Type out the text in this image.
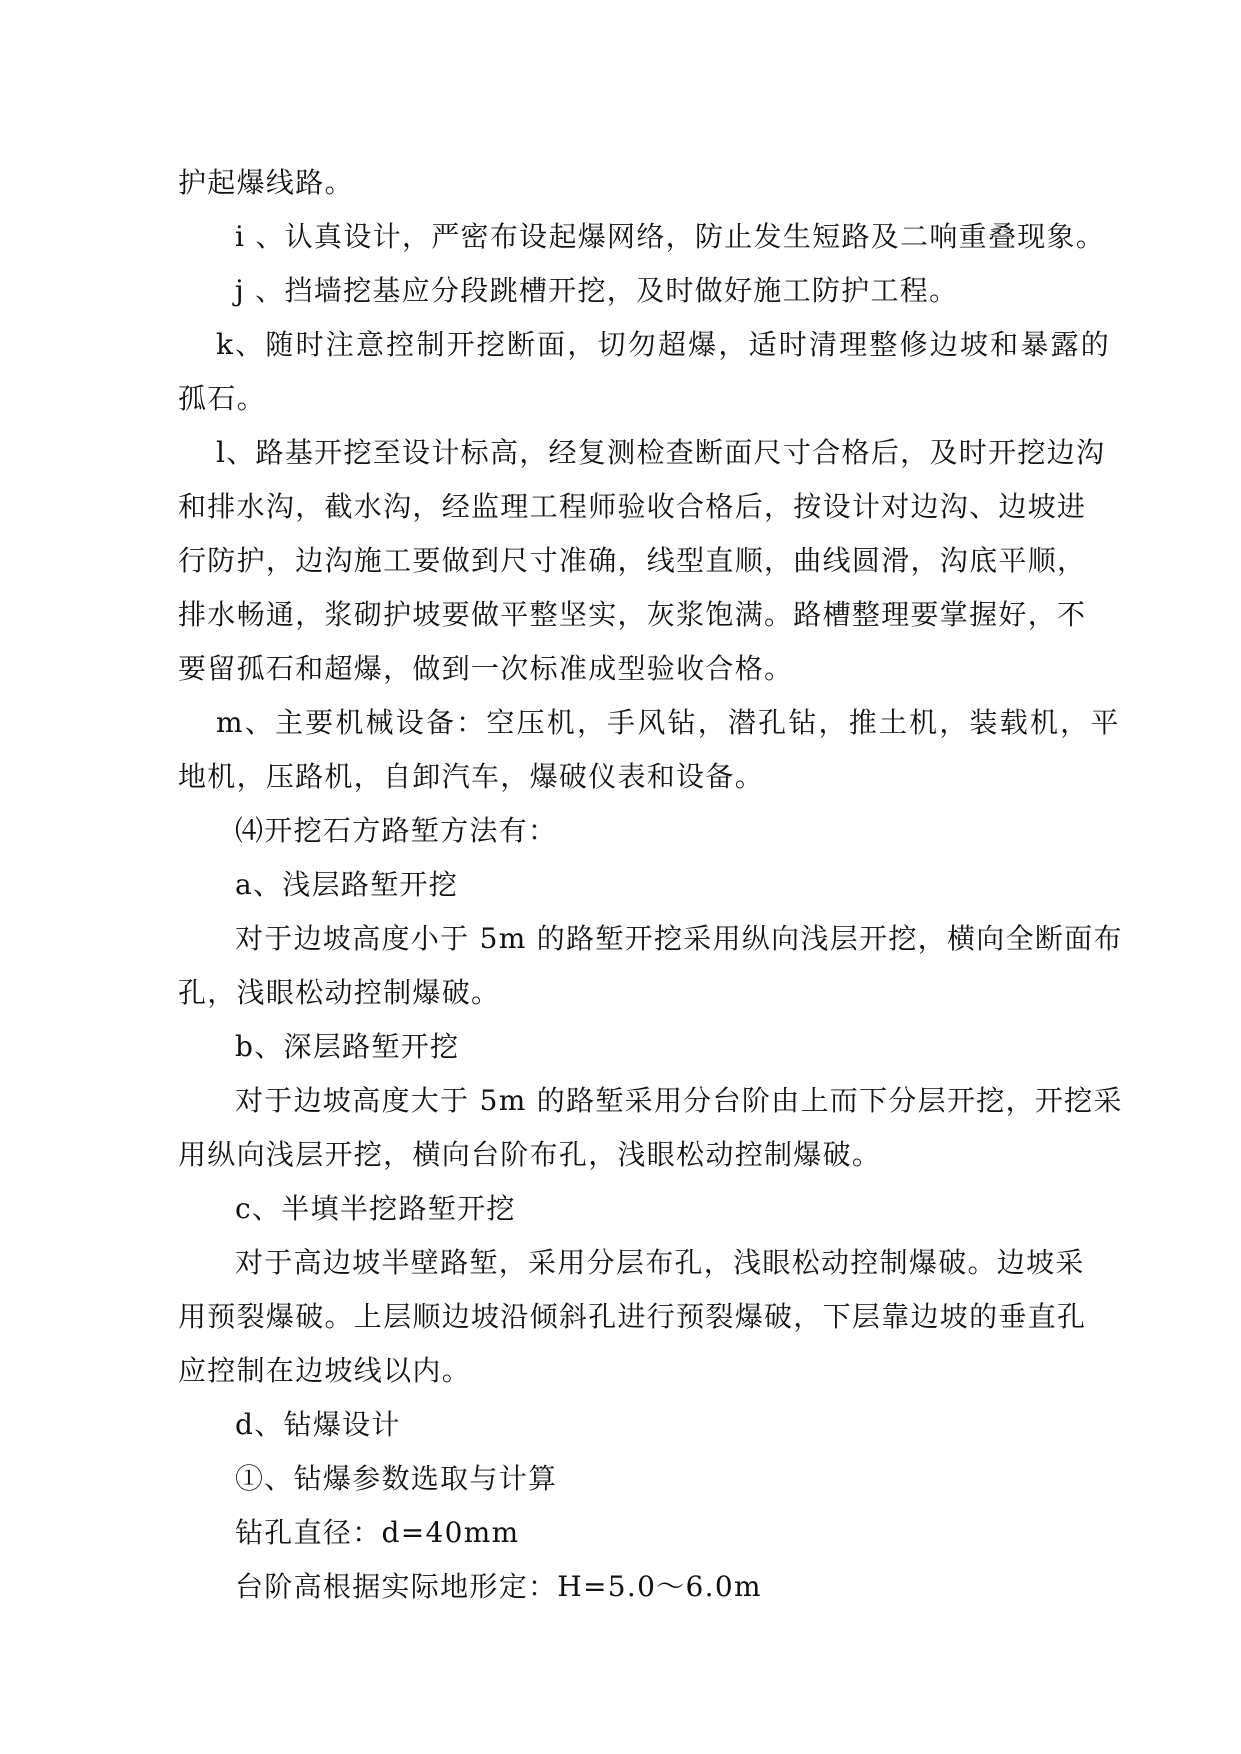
护起爆线路。
i 、认真设计，严密布设起爆网络，防止发生短路及二响重叠现象。
j 、挡墙挖基应分段跳槽开挖，及时做好施工防护工程。
k、随时注意控制开挖断面，切勿超爆，适时清理整修边坡和暴露的
孤石。
l、路基开挖至设计标高，经复测检查断面尺寸合格后，及时开挖边沟
和排水沟，截水沟，经监理工程师验收合格后，按设计对边沟、边坡进
行防护，边沟施工要做到尺寸准确，线型直顺，曲线圆滑，沟底平顺，
排水畅通，浆砌护坡要做平整坚实，灰浆饱满。路槽整理要掌握好，不
要留孤石和超爆，做到一次标准成型验收合格。
m、主要机械设备：空压机，手风钻，潜孔钻，推土机，装载机，平
地机，压路机，自卸汽车，爆破仪表和设备。
⑷开挖石方路堑方法有：
a、浅层路堑开挖
对于边坡高度小于 5m 的路堑开挖采用纵向浅层开挖，横向全断面布
孔，浅眼松动控制爆破。
b、深层路堑开挖
对于边坡高度大于 5m 的路堑采用分台阶由上而下分层开挖，开挖采
用纵向浅层开挖，横向台阶布孔，浅眼松动控制爆破。
c、半填半挖路堑开挖
对于高边坡半壁路堑，采用分层布孔，浅眼松动控制爆破。边坡采
用预裂爆破。上层顺边坡沿倾斜孔进行预裂爆破，下层靠边坡的垂直孔
应控制在边坡线以内。
d、钻爆设计
①、钻爆参数选取与计算
钻孔直径：d=40mm
台阶高根据实际地形定：H=5.0～6.0m
